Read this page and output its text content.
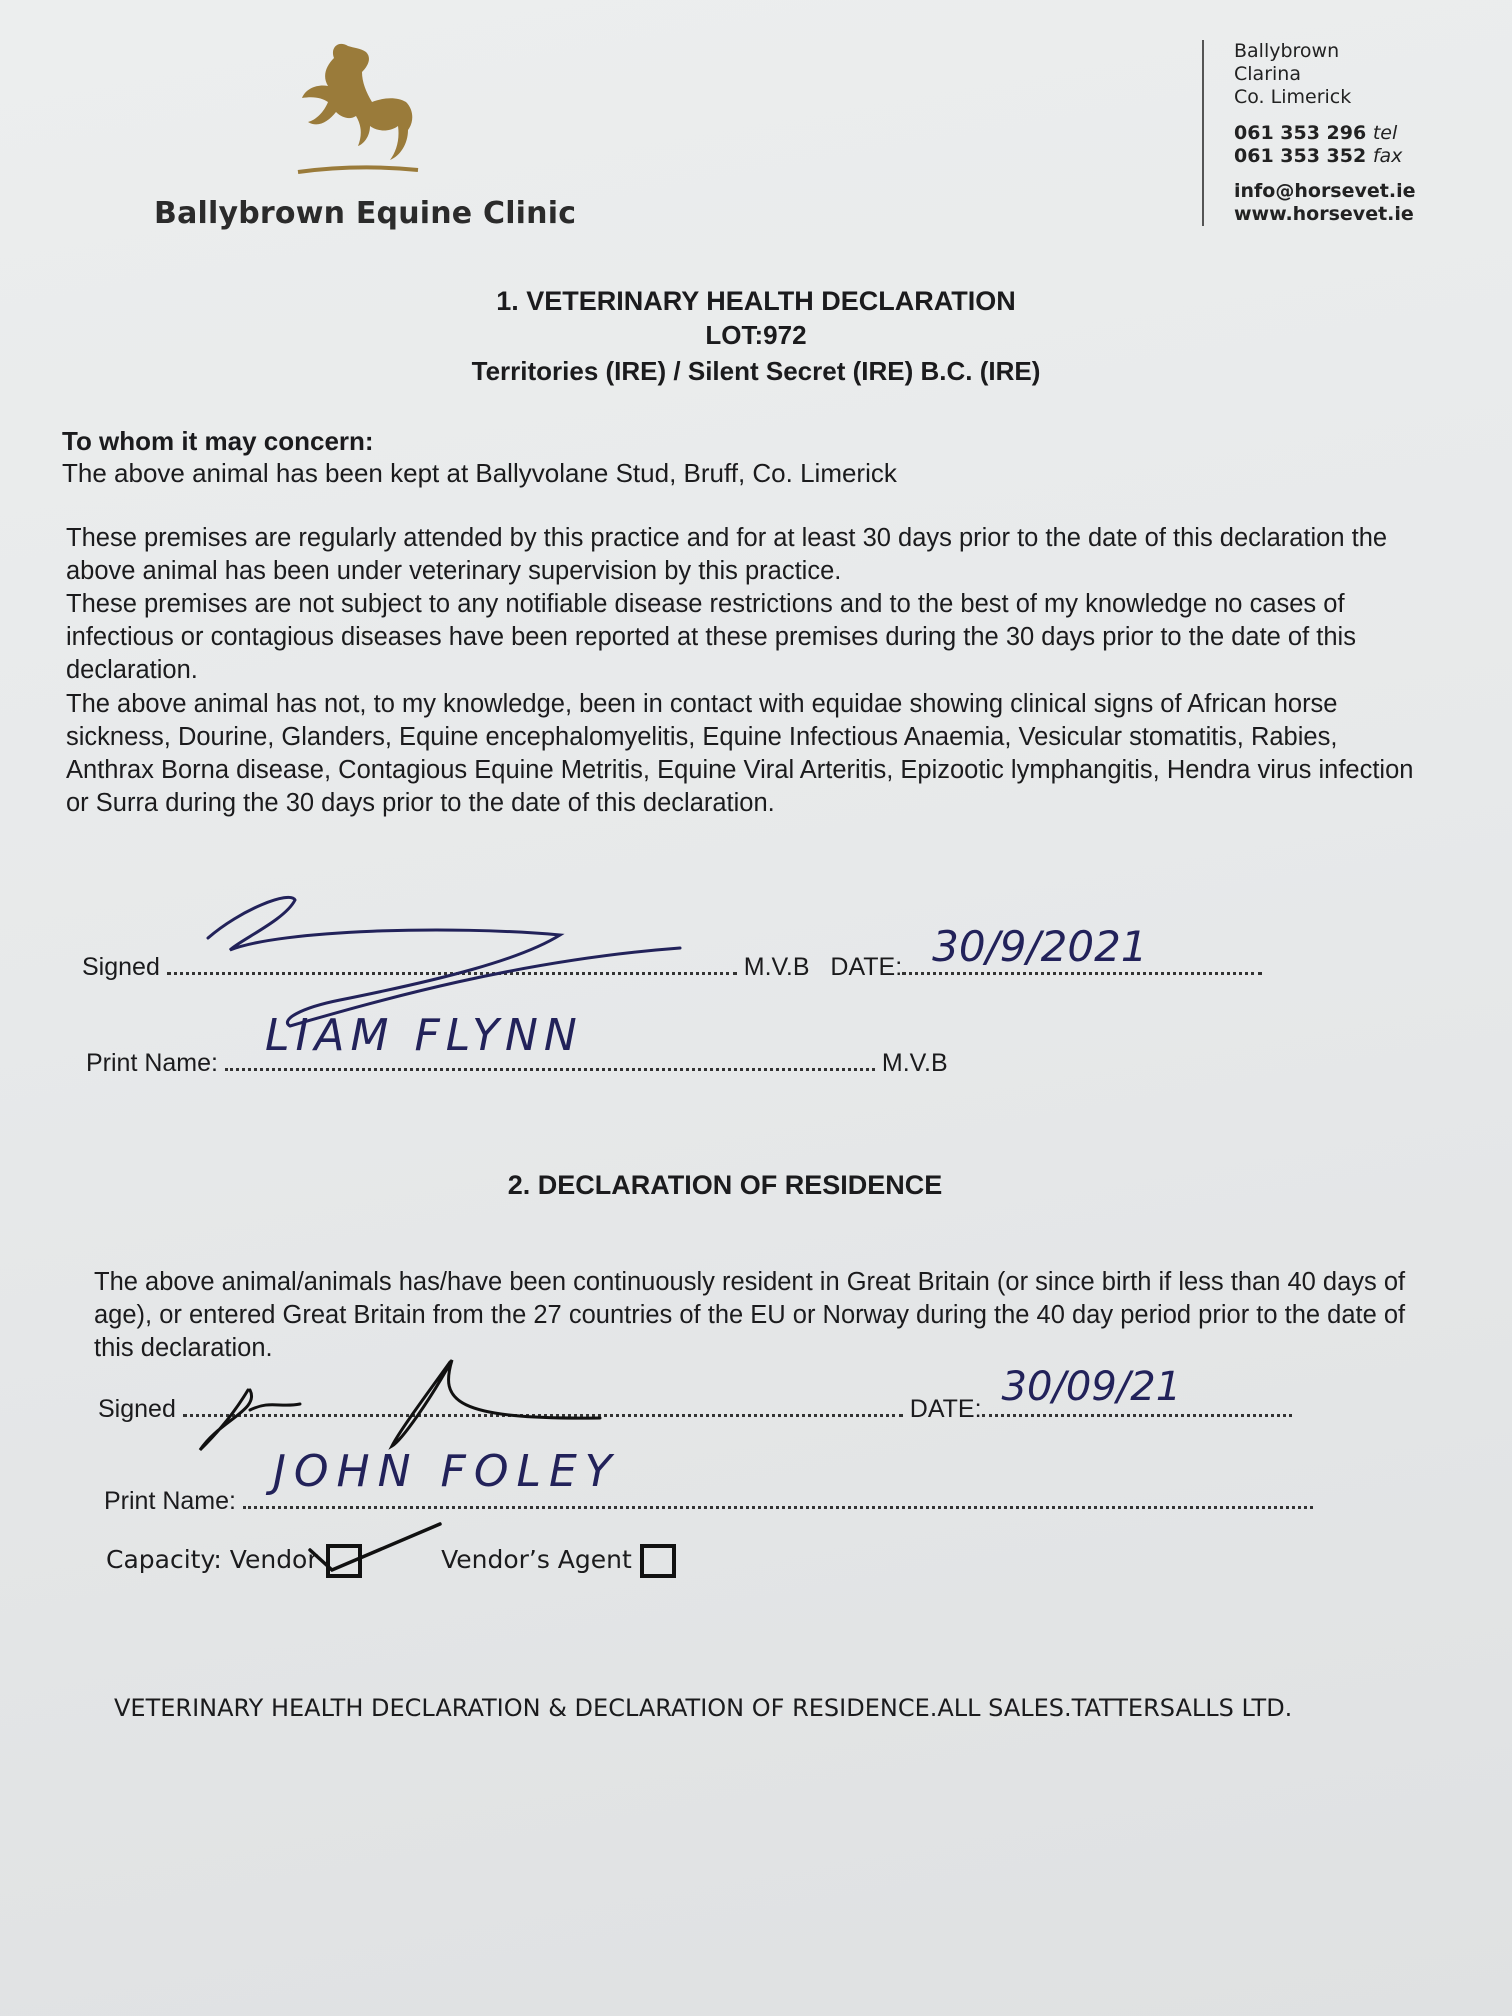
Ballybrown Equine Clinic
Ballybrown
Clarina
Co. Limerick
061 353 296 tel
061 353 352 fax
info@horsevet.ie
www.horsevet.ie
1. VETERINARY HEALTH DECLARATION
LOT:972
Territories (IRE) / Silent Secret (IRE) B.C. (IRE)
To whom it may concern:
The above animal has been kept at Ballyvolane Stud, Bruff, Co. Limerick
These premises are regularly attended by this practice and for at least 30 days prior to the date of this declaration the above animal has been under veterinary supervision by this practice.
These premises are not subject to any notifiable disease restrictions and to the best of my knowledge no cases of infectious or contagious diseases have been reported at these premises during the 30 days prior to the date of this declaration.
The above animal has not, to my knowledge, been in contact with equidae showing clinical signs of African horse sickness, Dourine, Glanders, Equine encephalomyelitis, Equine Infectious Anaemia, Vesicular stomatitis, Rabies, Anthrax Borna disease, Contagious Equine Metritis, Equine Viral Arteritis, Epizootic lymphangitis, Hendra virus infection or Surra during the 30 days prior to the date of this declaration.
Signed	M.V.B DATE: 30/9/2021
Print Name:
LIAM FLYNN
M.V.B
2. DECLARATION OF RESIDENCE
The above animal/animals has/have been continuously resident in Great Britain (or since birth if less than 40 days of age), or entered Great Britain from the 27 countries of the EU or Norway during the 40 day period prior to the date of this declaration.
Signed	DATE: 30/09/21
Print Name:
JOHN FOLEY
Capacity: Vendor	Vendor’s Agent
VETERINARY HEALTH DECLARATION & DECLARATION OF RESIDENCE.ALL SALES.TATTERSALLS LTD.
